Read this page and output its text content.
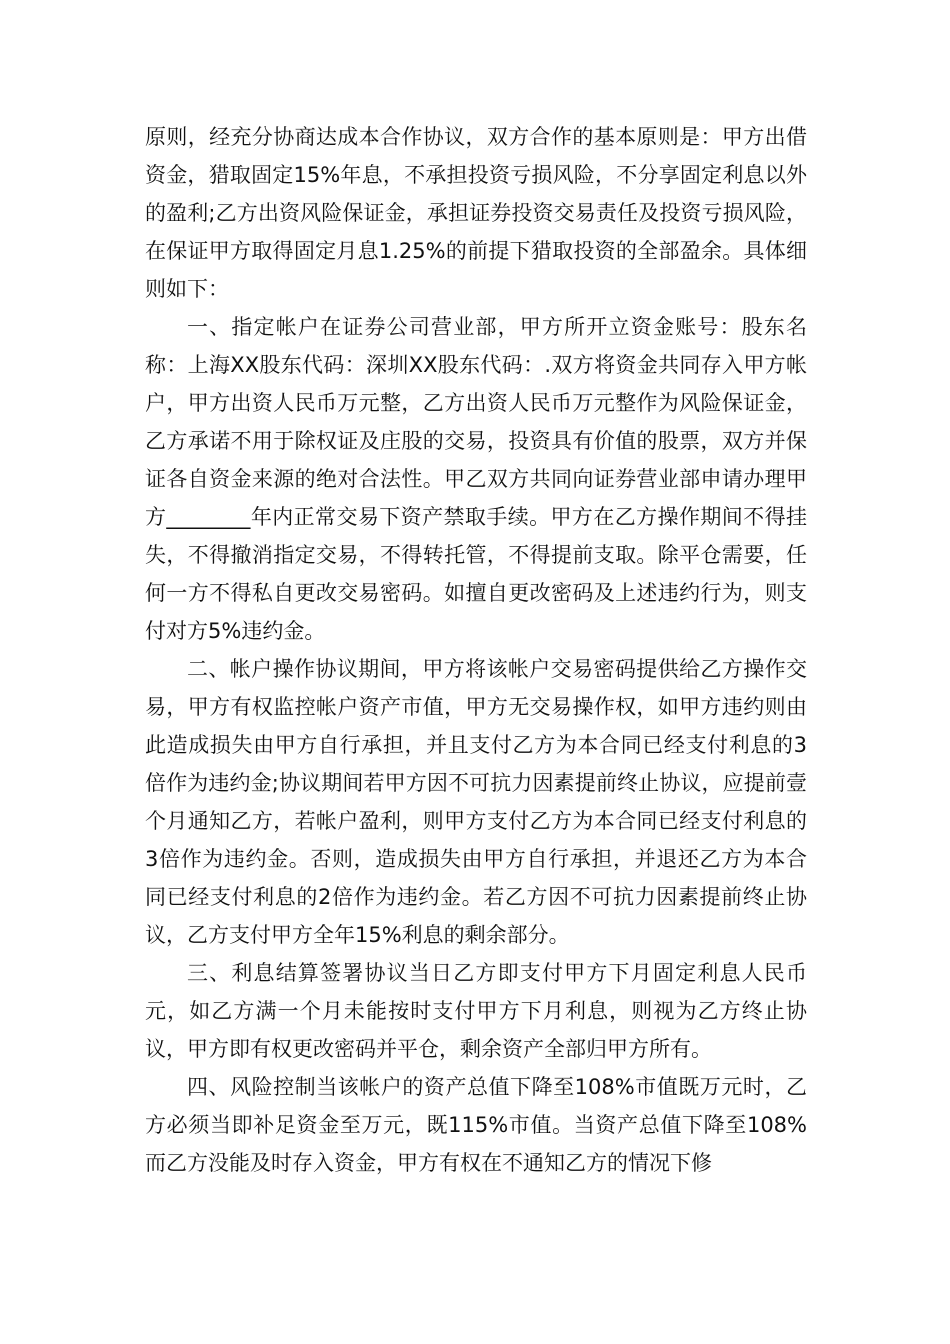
原则，经充分协商达成本合作协议，双方合作的基本原则是：甲方出借资金，猎取固定15%年息，不承担投资亏损风险，不分享固定利息以外的盈利;乙方出资风险保证金，承担证券投资交易责任及投资亏损风险，在保证甲方取得固定月息1.25%的前提下猎取投资的全部盈余。具体细则如下：

一、指定帐户在证券公司营业部，甲方所开立资金账号：股东名称：上海XX股东代码：深圳XX股东代码：.双方将资金共同存入甲方帐户，甲方出资人民币万元整，乙方出资人民币万元整作为风险保证金，乙方承诺不用于除权证及庄股的交易，投资具有价值的股票，双方并保证各自资金来源的绝对合法性。甲乙双方共同向证券营业部申请办理甲方________年内正常交易下资产禁取手续。甲方在乙方操作期间不得挂失，不得撤消指定交易，不得转托管，不得提前支取。除平仓需要，任何一方不得私自更改交易密码。如擅自更改密码及上述违约行为，则支付对方5%违约金。

二、帐户操作协议期间，甲方将该帐户交易密码提供给乙方操作交易，甲方有权监控帐户资产市值，甲方无交易操作权，如甲方违约则由此造成损失由甲方自行承担，并且支付乙方为本合同已经支付利息的3倍作为违约金;协议期间若甲方因不可抗力因素提前终止协议，应提前壹个月通知乙方，若帐户盈利，则甲方支付乙方为本合同已经支付利息的3倍作为违约金。否则，造成损失由甲方自行承担，并退还乙方为本合同已经支付利息的2倍作为违约金。若乙方因不可抗力因素提前终止协议，乙方支付甲方全年15%利息的剩余部分。

三、利息结算签署协议当日乙方即支付甲方下月固定利息人民币元，如乙方满一个月未能按时支付甲方下月利息，则视为乙方终止协议，甲方即有权更改密码并平仓，剩余资产全部归甲方所有。

四、风险控制当该帐户的资产总值下降至108%市值既万元时，乙方必须当即补足资金至万元，既115%市值。当资产总值下降至108%而乙方没能及时存入资金，甲方有权在不通知乙方的情况下修
